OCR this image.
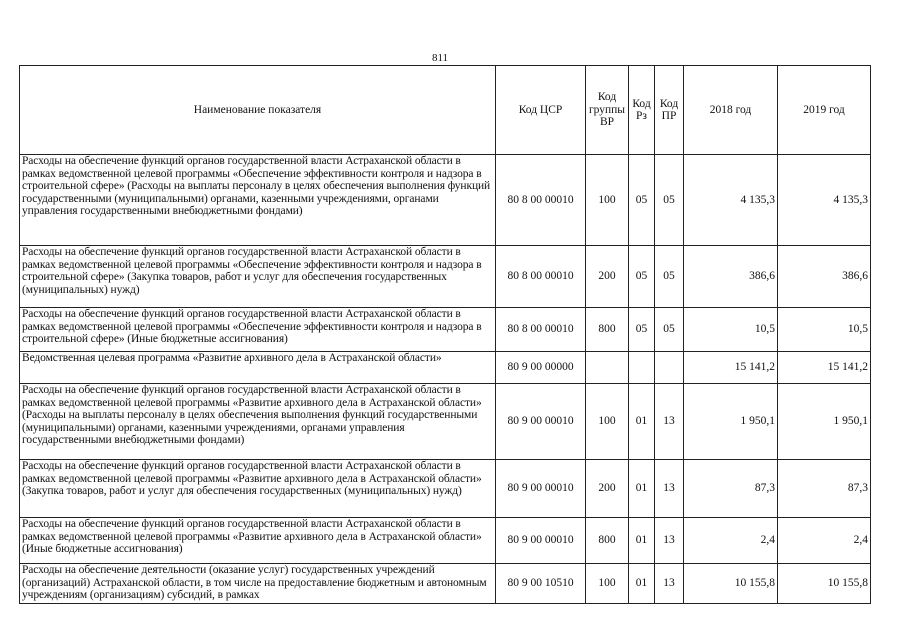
811
Наименование показателя	Код ЦСР	Код группы ВР	Код Рз	Код ПР	2018 год	2019 год
Расходы на обеспечение функций органов государственной власти Астраханской области в рамках ведомственной целевой программы «Обеспечение эффективности контроля и надзора в строительной сфере» (Расходы на выплаты персоналу в целях обеспечения выполнения функций государственными (муниципальными) органами, казенными учреждениями, органами управления государственными внебюджетными фондами)	80 8 00 00010	100	05	05	4 135,3	4 135,3
Расходы на обеспечение функций органов государственной власти Астраханской области в рамках ведомственной целевой программы «Обеспечение эффективности контроля и надзора в строительной сфере» (Закупка товаров, работ и услуг для обеспечения государственных (муниципальных) нужд)	80 8 00 00010	200	05	05	386,6	386,6
Расходы на обеспечение функций органов государственной власти Астраханской области в рамках ведомственной целевой программы «Обеспечение эффективности контроля и надзора в строительной сфере» (Иные бюджетные ассигнования)	80 8 00 00010	800	05	05	10,5	10,5
Ведомственная целевая программа «Развитие архивного дела в Астраханской области»	80 9 00 00000				15 141,2	15 141,2
Расходы на обеспечение функций органов государственной власти Астраханской области в рамках ведомственной целевой программы «Развитие архивного дела в Астраханской области» (Расходы на выплаты персоналу в целях обеспечения выполнения функций государственными (муниципальными) органами, казенными учреждениями, органами управления государственными внебюджетными фондами)	80 9 00 00010	100	01	13	1 950,1	1 950,1
Расходы на обеспечение функций органов государственной власти Астраханской области в рамках ведомственной целевой программы «Развитие архивного дела в Астраханской области» (Закупка товаров, работ и услуг для обеспечения государственных (муниципальных) нужд)	80 9 00 00010	200	01	13	87,3	87,3
Расходы на обеспечение функций органов государственной власти Астраханской области в рамках ведомственной целевой программы «Развитие архивного дела в Астраханской области» (Иные бюджетные ассигнования)	80 9 00 00010	800	01	13	2,4	2,4
Расходы на обеспечение деятельности (оказание услуг) государственных учреждений (организаций) Астраханской области, в том числе на предоставление бюджетным и автономным учреждениям (организациям) субсидий, в рамках	80 9 00 10510	100	01	13	10 155,8	10 155,8
